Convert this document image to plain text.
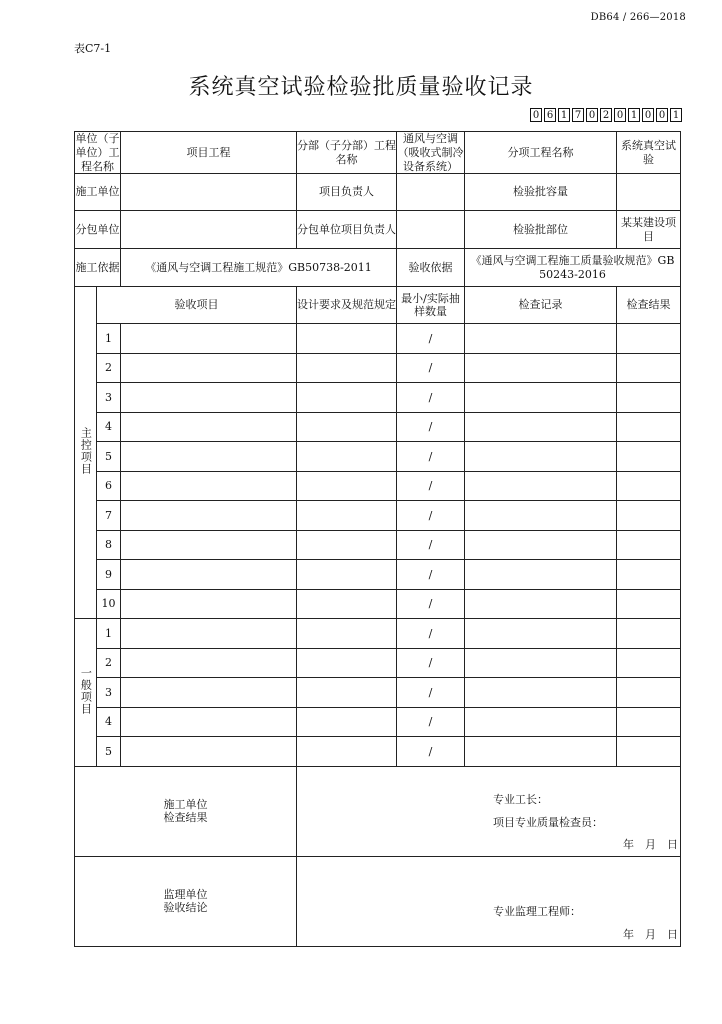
DB64 / 266—2018
表C7-1
系统真空试验检验批质量验收记录
0 6 1 7 0 2 0 1 0 0 1
单位（子单位）工程名称		项目工程	分部（子分部）工程名称	通风与空调（吸收式制冷设备系统）	分项工程名称	系统真空试验
施工单位			项目负责人		检验批容量	
分包单位			分包单位项目负责人		检验批部位	某某建设项目
施工依据		《通风与空调工程施工规范》GB50738-2011		验收依据	《通风与空调工程施工质量验收规范》GB 50243-2016	
主控项目	验收项目		设计要求及规范规定	最小/实际抽样数量	检查记录	检查结果
	1			/		
	2			/		
	3			/		
	4			/		
	5			/		
	6			/		
	7			/		
	8			/		
	9			/		
	10			/		
一般项目	1			/		
	2			/		
	3			/		
	4			/		
	5			/		
施工单位检查结果			专业工长：
项目专业质量检查员：
年　月　日			

监理单位验收结论			专业监理工程师：
年　月　日			
